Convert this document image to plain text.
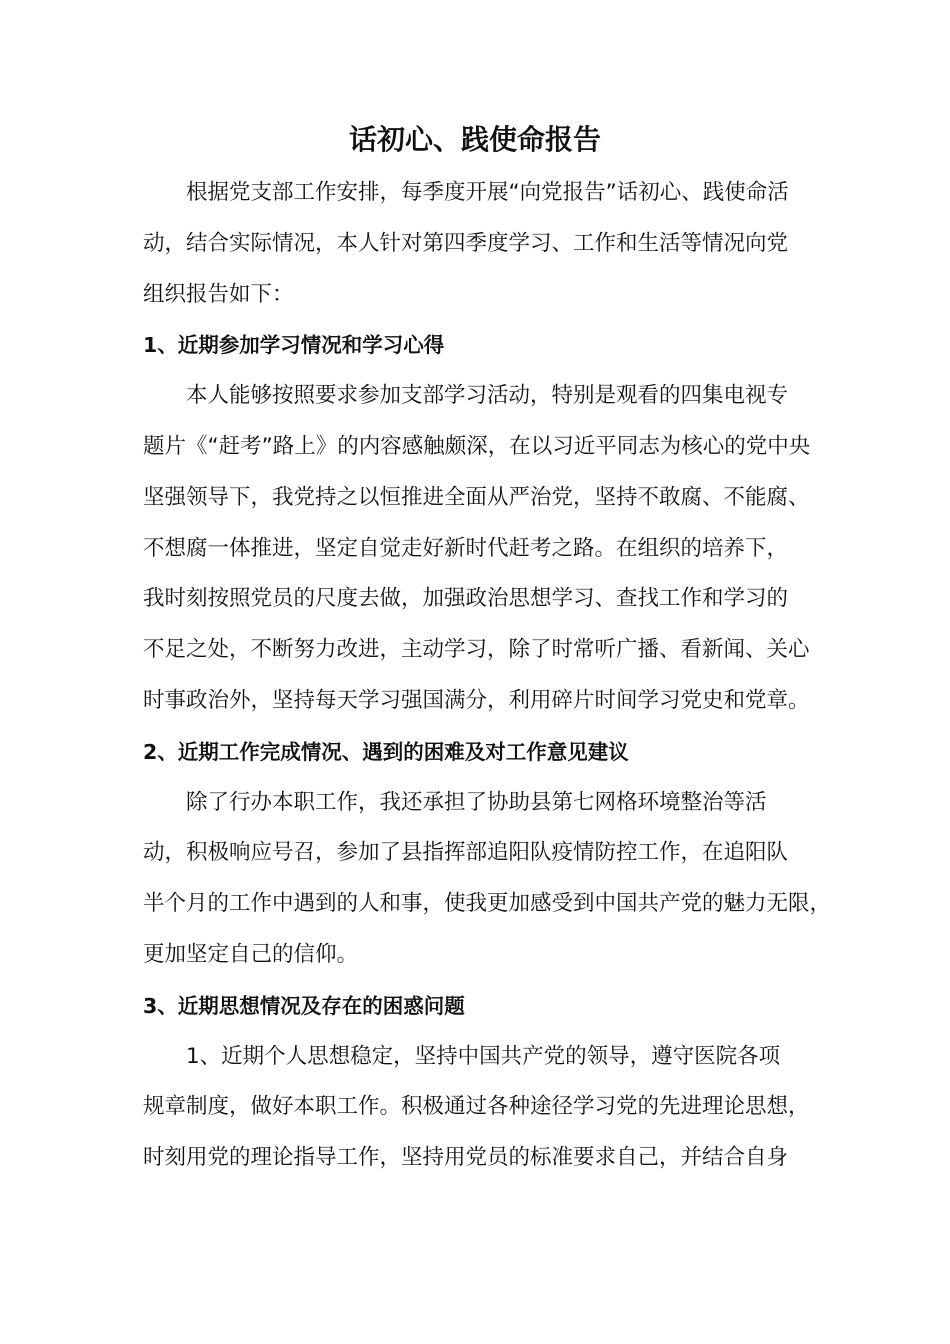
话初心、践使命报告

根据党支部工作安排，每季度开展“向党报告”话初心、践使命活
动，结合实际情况，本人针对第四季度学习、工作和生活等情况向党
组织报告如下：

1、近期参加学习情况和学习心得

本人能够按照要求参加支部学习活动，特别是观看的四集电视专
题片《“赶考”路上》的内容感触颇深，在以习近平同志为核心的党中央
坚强领导下，我党持之以恒推进全面从严治党，坚持不敢腐、不能腐、
不想腐一体推进，坚定自觉走好新时代赶考之路。在组织的培养下，
我时刻按照党员的尺度去做，加强政治思想学习、查找工作和学习的
不足之处，不断努力改进，主动学习，除了时常听广播、看新闻、关心
时事政治外，坚持每天学习强国满分，利用碎片时间学习党史和党章。

2、近期工作完成情况、遇到的困难及对工作意见建议

除了行办本职工作，我还承担了协助县第七网格环境整治等活
动，积极响应号召，参加了县指挥部追阳队疫情防控工作，在追阳队
半个月的工作中遇到的人和事，使我更加感受到中国共产党的魅力无限，
更加坚定自己的信仰。

3、近期思想情况及存在的困惑问题

1、近期个人思想稳定，坚持中国共产党的领导，遵守医院各项
规章制度，做好本职工作。积极通过各种途径学习党的先进理论思想，
时刻用党的理论指导工作，坚持用党员的标准要求自己，并结合自身
